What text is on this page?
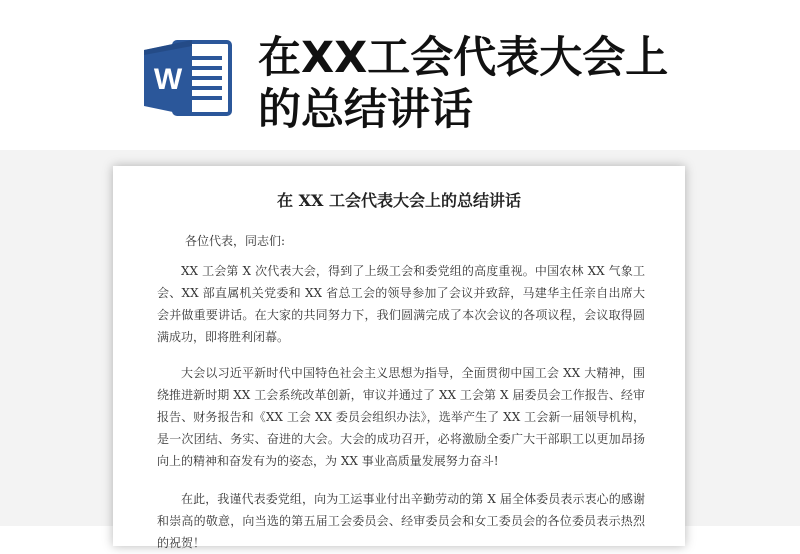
W 在XX工会代表大会上的总结讲话
在 XX 工会代表大会上的总结讲话

各位代表，同志们:

XX 工会第 X 次代表大会，得到了上级工会和委党组的高度重视。中国农林 XX 气象工会、XX 部直属机关党委和 XX 省总工会的领导参加了会议并致辞，马建华主任亲自出席大会并做重要讲话。在大家的共同努力下，我们圆满完成了本次会议的各项议程，会议取得圆满成功，即将胜利闭幕。

大会以习近平新时代中国特色社会主义思想为指导，全面贯彻中国工会 XX 大精神，围绕推进新时期 XX 工会系统改革创新，审议并通过了 XX 工会第 X 届委员会工作报告、经审报告、财务报告和《XX 工会 XX 委员会组织办法》，选举产生了 XX 工会新一届领导机构，是一次团结、务实、奋进的大会。大会的成功召开，必将激励全委广大干部职工以更加昂扬向上的精神和奋发有为的姿态，为 XX 事业高质量发展努力奋斗!

在此，我谨代表委党组，向为工运事业付出辛勤劳动的第 X 届全体委员表示衷心的感谢和崇高的敬意，向当选的第五届工会委员会、经审委员会和女工委员会的各位委员表示热烈的祝贺！
